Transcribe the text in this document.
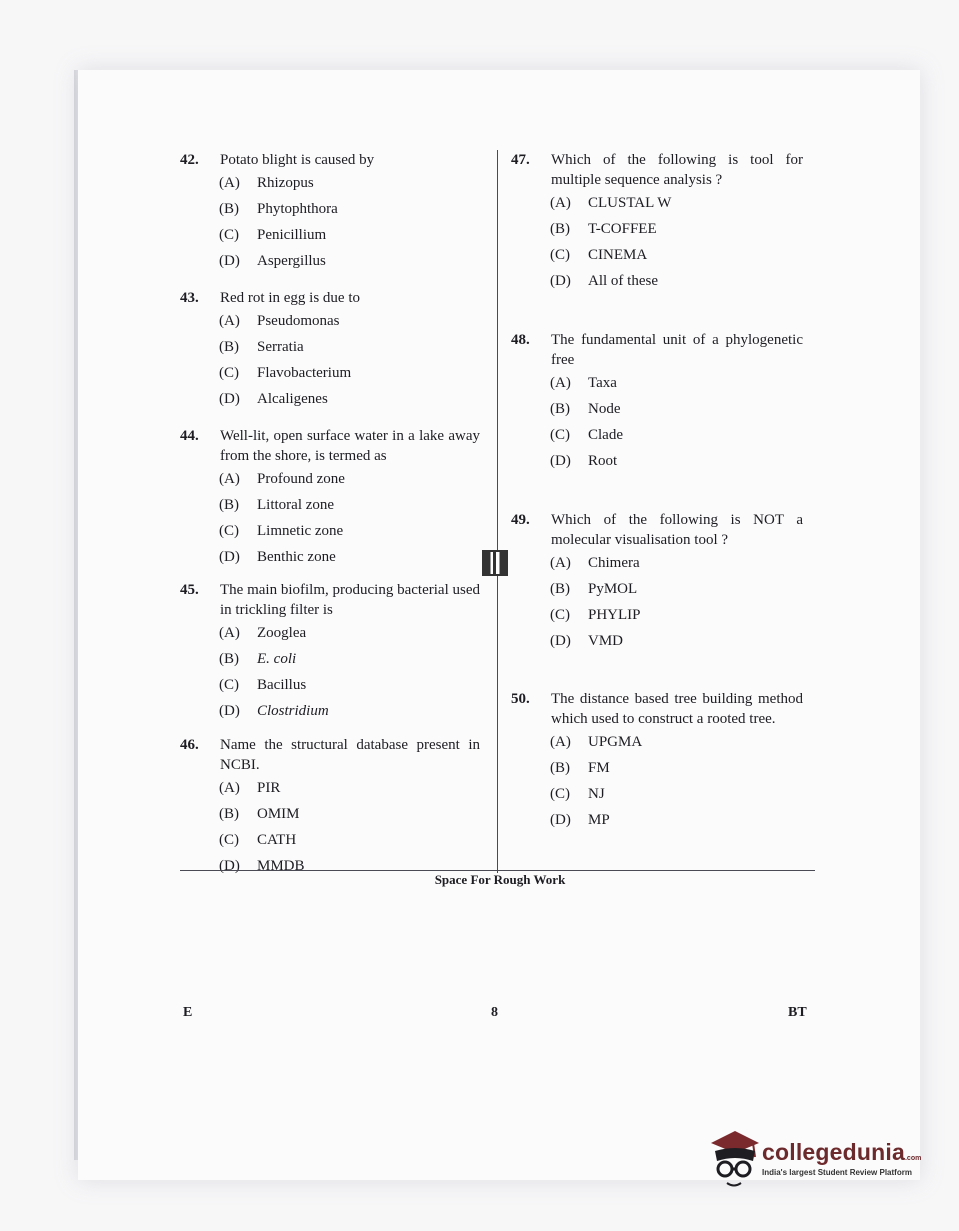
42.	Potato blight is caused by
(A)	Rhizopus
(B)	Phytophthora
(C)	Penicillium
(D)	Aspergillus
43.	Red rot in egg is due to
(A)	Pseudomonas
(B)	Serratia
(C)	Flavobacterium
(D)	Alcaligenes
44.	Well-lit, open surface water in a lake away from the shore, is termed as
(A)	Profound zone
(B)	Littoral zone
(C)	Limnetic zone
(D)	Benthic zone
45.	The main biofilm, producing bacterial used in trickling filter is
(A)	Zooglea
(B)	E. coli
(C)	Bacillus
(D)	Clostridium
46.	Name the structural database present in NCBI.
(A)	PIR
(B)	OMIM
(C)	CATH
(D)	MMDB
47.	Which of the following is tool for multiple sequence analysis ?
(A)	CLUSTAL W
(B)	T-COFFEE
(C)	CINEMA
(D)	All of these
48.	The fundamental unit of a phylogenetic free
(A)	Taxa
(B)	Node
(C)	Clade
(D)	Root
49.	Which of the following is NOT a molecular visualisation tool ?
(A)	Chimera
(B)	PyMOL
(C)	PHYLIP
(D)	VMD
50.	The distance based tree building method which used to construct a rooted tree.
(A)	UPGMA
(B)	FM
(C)	NJ
(D)	MP
Space For Rough Work
E	8	BT
collegedunia.com
India's largest Student Review Platform
